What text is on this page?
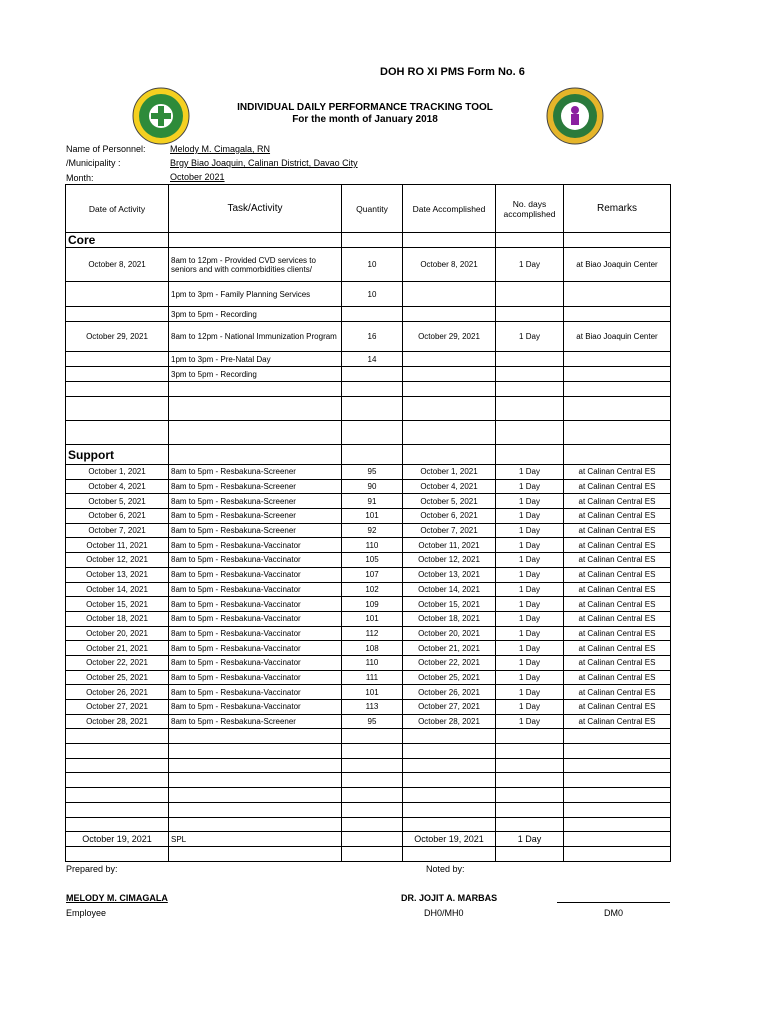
DOH RO XI PMS Form No. 6
INDIVIDUAL DAILY PERFORMANCE TRACKING TOOL
For the month of January 2018
Name of Personnel:	Melody M. Cimagala, RN
/Municipality :	Brgy Biao Joaquin, Calinan District, Davao City
Month:	October 2021
Date of Activity	Task/Activity	Quantity	Date Accomplished	No. days accomplished	Remarks
Core					
October 8, 2021	8am to 12pm - Provided CVD services to seniors and with commorbidities clients/	10	October 8, 2021	1 Day	at Biao Joaquin Center
	1pm to 3pm - Family Planning Services	10			
	3pm to 5pm - Recording				
October 29, 2021	8am to 12pm - National Immunization Program	16	October 29, 2021	1 Day	at Biao Joaquin Center
	1pm to 3pm - Pre-Natal Day	14			
	3pm to 5pm - Recording				

Support					
October 1, 2021	8am to 5pm - Resbakuna-Screener	95	October 1, 2021	1 Day	at Calinan Central ES
October 4, 2021	8am to 5pm - Resbakuna-Screener	90	October 4, 2021	1 Day	at Calinan Central ES
October 5, 2021	8am to 5pm - Resbakuna-Screener	91	October 5, 2021	1 Day	at Calinan Central ES
October 6, 2021	8am to 5pm - Resbakuna-Screener	101	October 6, 2021	1 Day	at Calinan Central ES
October 7, 2021	8am to 5pm - Resbakuna-Screener	92	October 7, 2021	1 Day	at Calinan Central ES
October 11, 2021	8am to 5pm - Resbakuna-Vaccinator	110	October 11, 2021	1 Day	at Calinan Central ES
October 12, 2021	8am to 5pm - Resbakuna-Vaccinator	105	October 12, 2021	1 Day	at Calinan Central ES
October 13, 2021	8am to 5pm - Resbakuna-Vaccinator	107	October 13, 2021	1 Day	at Calinan Central ES
October 14, 2021	8am to 5pm - Resbakuna-Vaccinator	102	October 14, 2021	1 Day	at Calinan Central ES
October 15, 2021	8am to 5pm - Resbakuna-Vaccinator	109	October 15, 2021	1 Day	at Calinan Central ES
October 18, 2021	8am to 5pm - Resbakuna-Vaccinator	101	October 18, 2021	1 Day	at Calinan Central ES
October 20, 2021	8am to 5pm - Resbakuna-Vaccinator	112	October 20, 2021	1 Day	at Calinan Central ES
October 21, 2021	8am to 5pm - Resbakuna-Vaccinator	108	October 21, 2021	1 Day	at Calinan Central ES
October 22, 2021	8am to 5pm - Resbakuna-Vaccinator	110	October 22, 2021	1 Day	at Calinan Central ES
October 25, 2021	8am to 5pm - Resbakuna-Vaccinator	111	October 25, 2021	1 Day	at Calinan Central ES
October 26, 2021	8am to 5pm - Resbakuna-Vaccinator	101	October 26, 2021	1 Day	at Calinan Central ES
October 27, 2021	8am to 5pm - Resbakuna-Vaccinator	113	October 27, 2021	1 Day	at Calinan Central ES
October 28, 2021	8am to 5pm - Resbakuna-Screener	95	October 28, 2021	1 Day	at Calinan Central ES

October 19, 2021	SPL		October 19, 2021	1 Day	

Prepared by:	Noted by:
MELODY M. CIMAGALA	DR. JOJIT A. MARBAS
Employee	DH0/MH0	DM0
